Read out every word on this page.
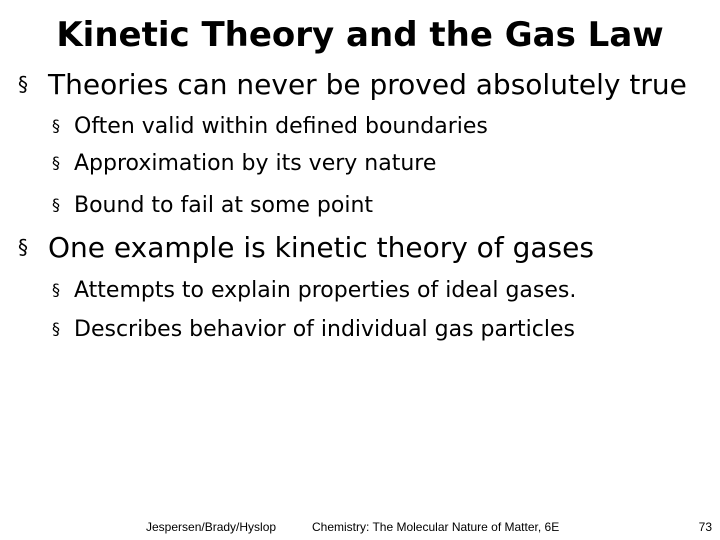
Kinetic Theory and the Gas Law
§ Theories can never be proved absolutely true
§ Often valid within defined boundaries
§ Approximation by its very nature
§ Bound to fail at some point
§ One example is kinetic theory of gases
§ Attempts to explain properties of ideal gases.
§ Describes behavior of individual gas particles
Jespersen/Brady/Hyslop	Chemistry: The Molecular Nature of Matter, 6E	73
